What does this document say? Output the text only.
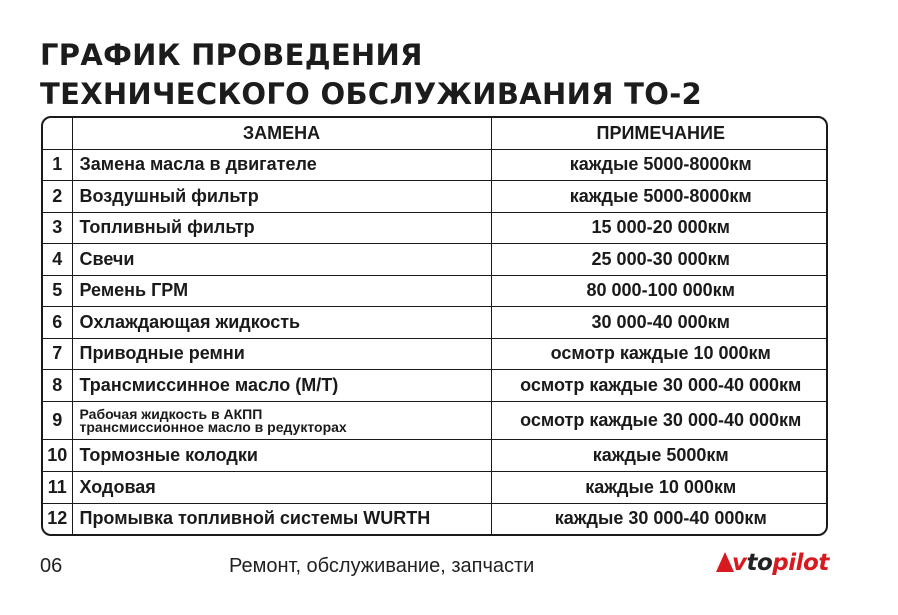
ГРАФИК ПРОВЕДЕНИЯ
ТЕХНИЧЕСКОГО ОБСЛУЖИВАНИЯ ТО-2
	ЗАМЕНА	ПРИМЕЧАНИЕ
1	Замена масла в двигателе	каждые 5000-8000км
2	Воздушный фильтр	каждые 5000-8000км
3	Топливный фильтр	15 000-20 000км
4	Свечи	25 000-30 000км
5	Ремень ГРМ	80 000-100 000км
6	Охлаждающая жидкость	30 000-40 000км
7	Приводные ремни	осмотр каждые 10 000км
8	Трансмиссинное масло (М/Т)	осмотр каждые 30 000-40 000км
9	Рабочая жидкость в АКПП
трансмиссионное масло в редукторах	осмотр каждые 30 000-40 000км
10	Тормозные колодки	каждые 5000км
11	Ходовая	каждые 10 000км
12	Промывка топливной системы WURTH	каждые 30 000-40 000км
06	Ремонт, обслуживание, запчасти	vtopilot
